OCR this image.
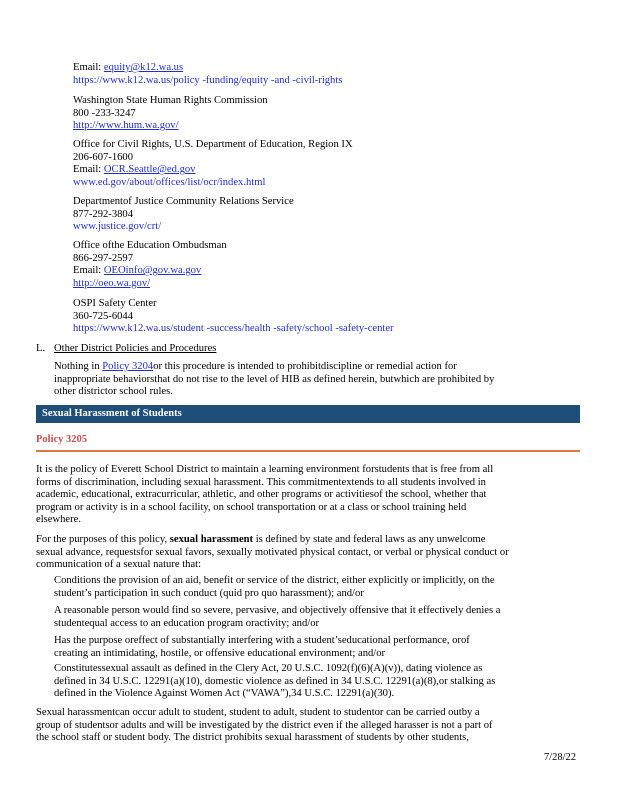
Email: equity@k12.wa.us
https://www.k12.wa.us/policy -funding/equity -and -civil-rights
Washington State Human Rights Commission
800 -233-3247
http://www.hum.wa.gov/
Office for Civil Rights, U.S. Department of Education, Region IX
206-607-1600
Email: OCR.Seattle@ed.gov
www.ed.gov/about/offices/list/ocr/index.html
Departmentof Justice Community Relations Service
877-292-3804
www.justice.gov/crt/
Office ofthe Education Ombudsman
866-297-2597
Email: OEOinfo@gov.wa.gov
http://oeo.wa.gov/
OSPI Safety Center
360-725-6044
https://www.k12.wa.us/student -success/health -safety/school -safety-center
L. Other District Policies and Procedures
Nothing in Policy 3204or this procedure is intended to prohibitdiscipline or remedial action for
inappropriate behaviorsthat do not rise to the level of HIB as defined herein, butwhich are prohibited by
other districtor school rules.
Sexual Harassment of Students
Policy 3205
It is the policy of Everett School District to maintain a learning environment forstudents that is free from all
forms of discrimination, including sexual harassment. This commitmentextends to all students involved in
academic, educational, extracurricular, athletic, and other programs or activitiesof the school, whether that
program or activity is in a school facility, on school transportation or at a class or school training held
elsewhere.
For the purposes of this policy, sexual harassment is defined by state and federal laws as any unwelcome
sexual advance, requestsfor sexual favors, sexually motivated physical contact, or verbal or physical conduct or
communication of a sexual nature that:
Conditions the provision of an aid, benefit or service of the district, either explicitly or implicitly, on the
student’s participation in such conduct (quid pro quo harassment); and/or
A reasonable person would find so severe, pervasive, and objectively offensive that it effectively denies a
studentequal access to an education program oractivity; and/or
Has the purpose oreffect of substantially interfering with a student’seducational performance, orof
creating an intimidating, hostile, or offensive educational environment; and/or
Constitutessexual assault as defined in the Clery Act, 20 U.S.C. 1092(f)(6)(A)(v)), dating violence as
defined in 34 U.S.C. 12291(a)(10), domestic violence as defined in 34 U.S.C. 12291(a)(8),or stalking as
defined in the Violence Against Women Act (“VAWA”),34 U.S.C. 12291(a)(30).
Sexual harassmentcan occur adult to student, student to adult, student to studentor can be carried outby a
group of studentsor adults and will be investigated by the district even if the alleged harasser is not a part of
the school staff or student body. The district prohibits sexual harassment of students by other students,
7/28/22
